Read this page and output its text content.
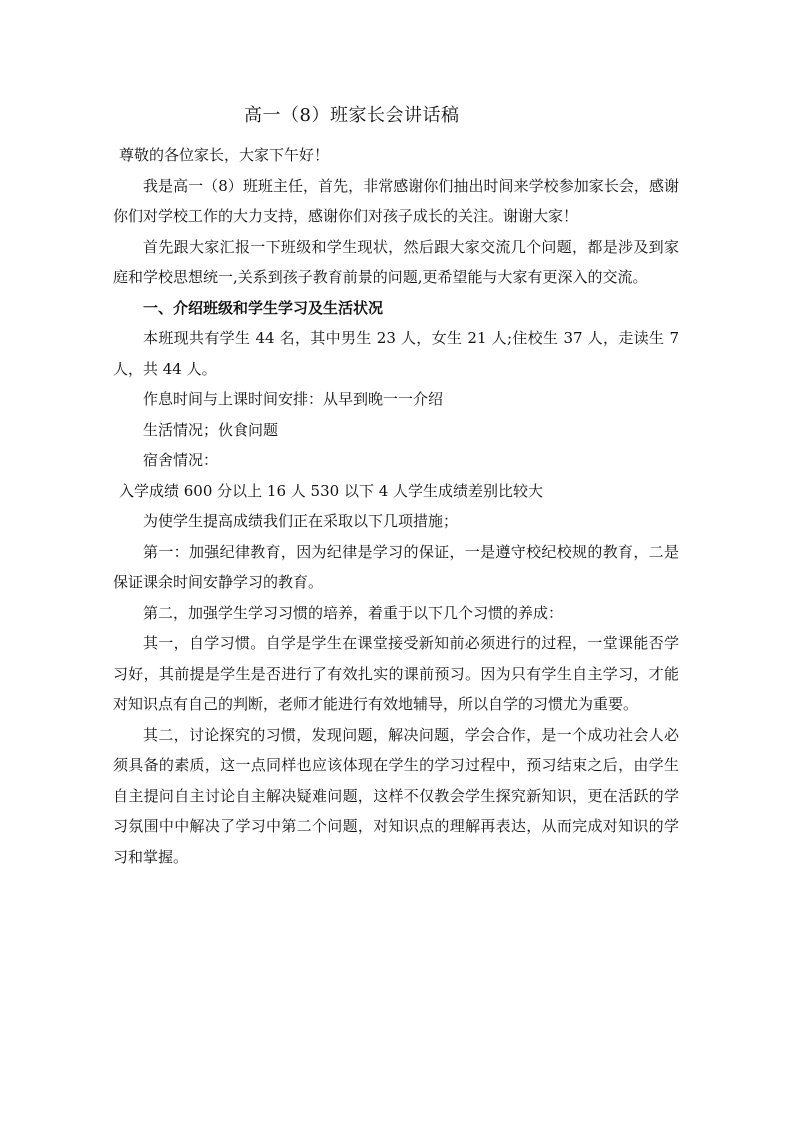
高一（8）班家长会讲话稿

尊敬的各位家长，大家下午好！

我是高一（8）班班主任，首先，非常感谢你们抽出时间来学校参加家长会，感谢你们对学校工作的大力支持，感谢你们对孩子成长的关注。谢谢大家！

首先跟大家汇报一下班级和学生现状，然后跟大家交流几个问题，都是涉及到家庭和学校思想统一,关系到孩子教育前景的问题,更希望能与大家有更深入的交流。

一、介绍班级和学生学习及生活状况

本班现共有学生 44 名，其中男生 23 人，女生 21 人;住校生 37 人，走读生 7 人，共 44 人。

作息时间与上课时间安排：从早到晚一一介绍

生活情况；伙食问题

宿舍情况：

入学成绩 600 分以上 16 人 530 以下 4 人学生成绩差别比较大

为使学生提高成绩我们正在采取以下几项措施；

第一：加强纪律教育，因为纪律是学习的保证，一是遵守校纪校规的教育，二是保证课余时间安静学习的教育。

第二，加强学生学习习惯的培养，着重于以下几个习惯的养成：

其一，自学习惯。自学是学生在课堂接受新知前必须进行的过程，一堂课能否学习好，其前提是学生是否进行了有效扎实的课前预习。因为只有学生自主学习，才能对知识点有自己的判断，老师才能进行有效地辅导，所以自学的习惯尤为重要。

其二，讨论探究的习惯，发现问题，解决问题，学会合作，是一个成功社会人必须具备的素质，这一点同样也应该体现在学生的学习过程中，预习结束之后，由学生自主提问自主讨论自主解决疑难问题，这样不仅教会学生探究新知识，更在活跃的学习氛围中中解决了学习中第二个问题，对知识点的理解再表达，从而完成对知识的学习和掌握。
